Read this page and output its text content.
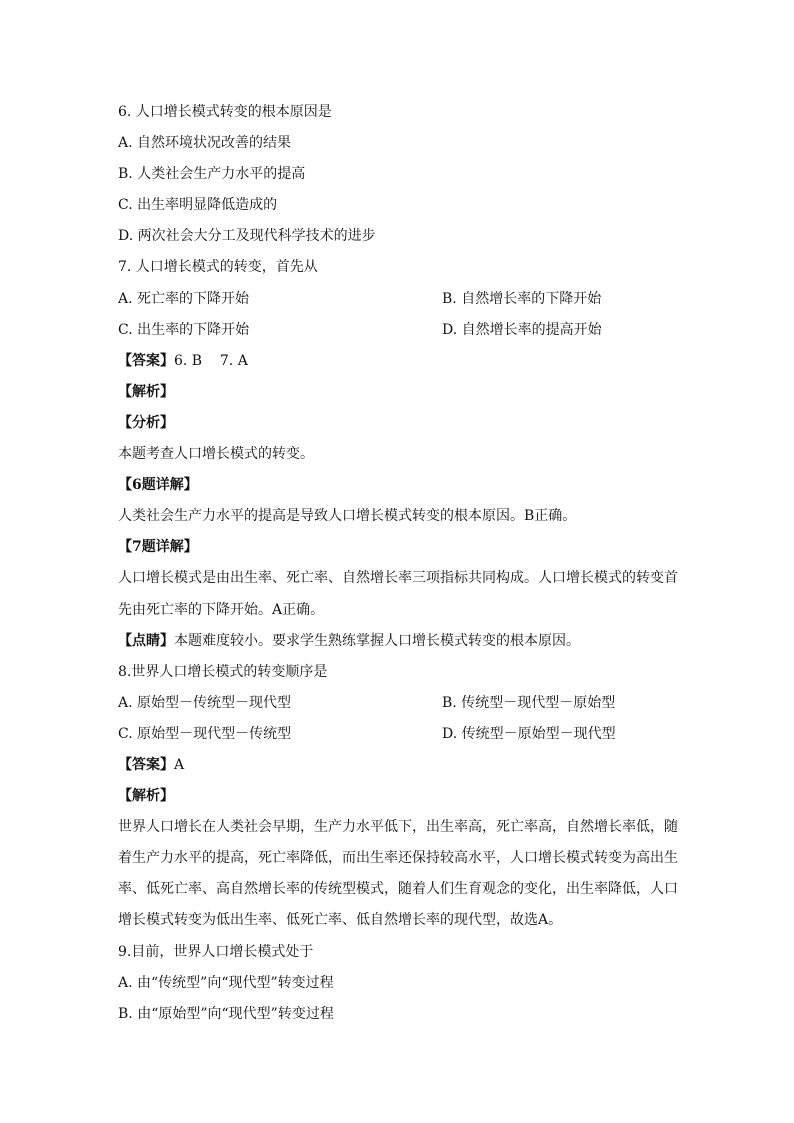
6. 人口增长模式转变的根本原因是
A. 自然环境状况改善的结果
B. 人类社会生产力水平的提高
C. 出生率明显降低造成的
D. 两次社会大分工及现代科学技术的进步
7. 人口增长模式的转变，首先从
A. 死亡率的下降开始	B. 自然增长率的下降开始
C. 出生率的下降开始	D. 自然增长率的提高开始
【答案】6. B    7. A
【解析】
【分析】
本题考查人口增长模式的转变。
【6题详解】
人类社会生产力水平的提高是导致人口增长模式转变的根本原因。B正确。
【7题详解】
人口增长模式是由出生率、死亡率、自然增长率三项指标共同构成。人口增长模式的转变首先由死亡率的下降开始。A正确。
【点睛】本题难度较小。要求学生熟练掌握人口增长模式转变的根本原因。
8.世界人口增长模式的转变顺序是
A. 原始型－传统型－现代型	B. 传统型－现代型－原始型
C. 原始型－现代型－传统型	D. 传统型－原始型－现代型
【答案】A
【解析】
世界人口增长在人类社会早期，生产力水平低下，出生率高，死亡率高，自然增长率低，随着生产力水平的提高，死亡率降低，而出生率还保持较高水平，人口增长模式转变为高出生率、低死亡率、高自然增长率的传统型模式，随着人们生育观念的变化，出生率降低，人口增长模式转变为低出生率、低死亡率、低自然增长率的现代型，故选A。
9.目前，世界人口增长模式处于
A. 由“传统型”向“现代型”转变过程
B. 由“原始型”向“现代型”转变过程
